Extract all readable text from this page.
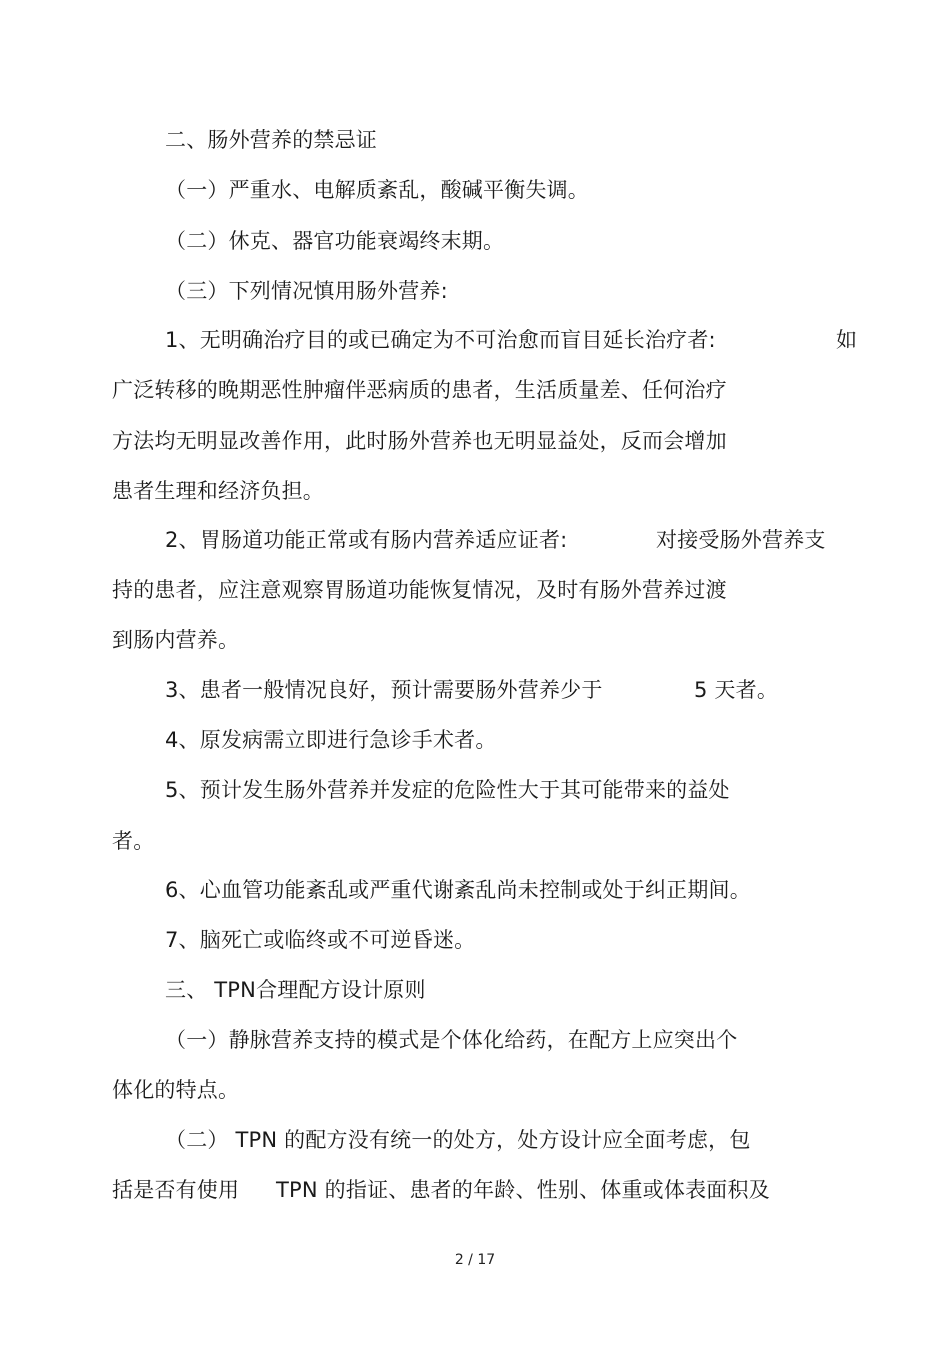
二、肠外营养的禁忌证
（一）严重水、电解质紊乱，酸碱平衡失调。
（二）休克、器官功能衰竭终末期。
（三）下列情况慎用肠外营养:
1、无明确治疗目的或已确定为不可治愈而盲目延长治疗者:	如
广泛转移的晚期恶性肿瘤伴恶病质的患者，生活质量差、任何治疗
方法均无明显改善作用，此时肠外营养也无明显益处，反而会增加
患者生理和经济负担。
2、胃肠道功能正常或有肠内营养适应证者:	对接受肠外营养支
持的患者，应注意观察胃肠道功能恢复情况，及时有肠外营养过渡
到肠内营养。
3、患者一般情况良好，预计需要肠外营养少于	5 天者。
4、原发病需立即进行急诊手术者。
5、预计发生肠外营养并发症的危险性大于其可能带来的益处
者。
6、心血管功能紊乱或严重代谢紊乱尚未控制或处于纠正期间。
7、脑死亡或临终或不可逆昏迷。
三、 TPN合理配方设计原则
（一）静脉营养支持的模式是个体化给药，在配方上应突出个
体化的特点。
（二） TPN 的配方没有统一的处方，处方设计应全面考虑，包
括是否有使用 TPN 的指证、患者的年龄、性别、体重或体表面积及
2 / 17
